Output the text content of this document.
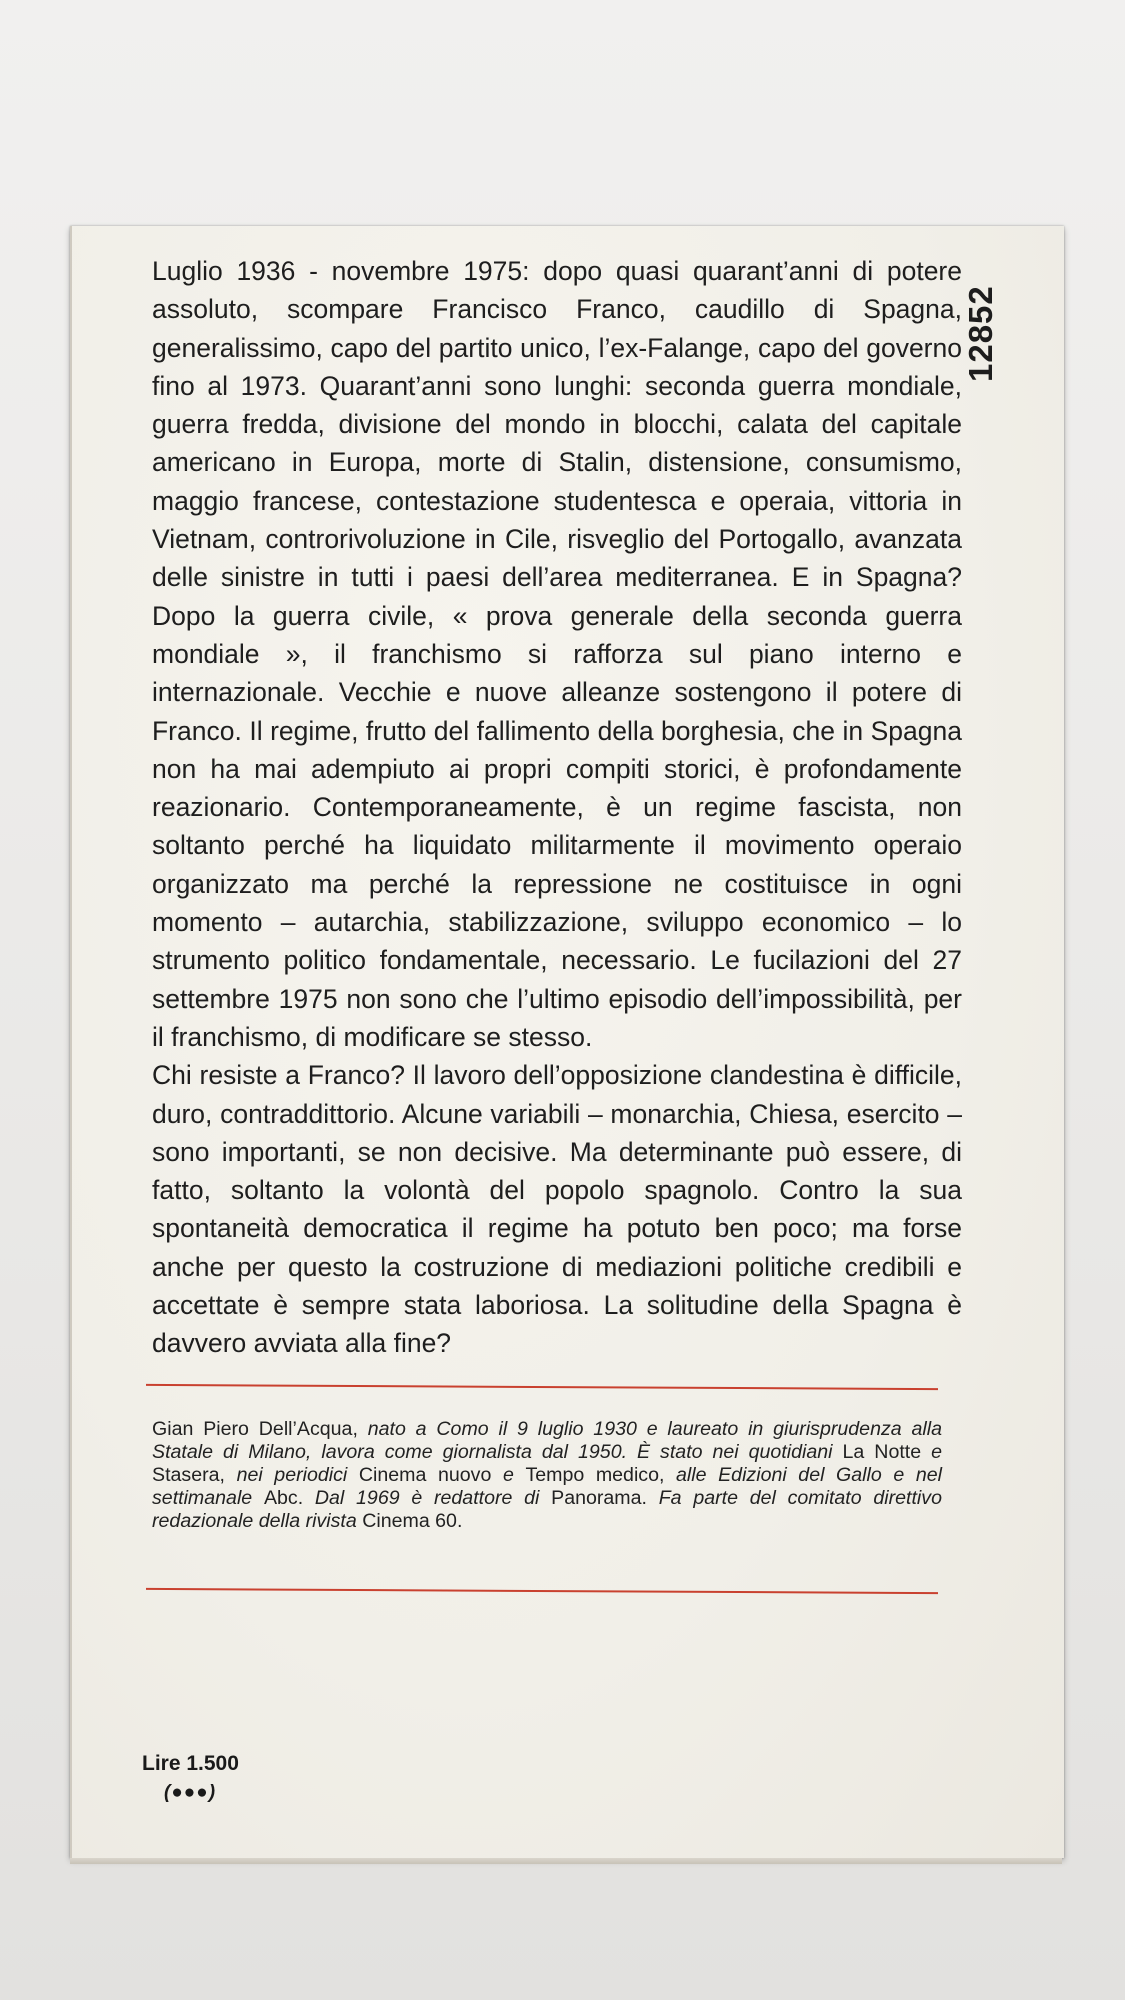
12852

Luglio 1936 - novembre 1975: dopo quasi quarant’anni di potere assoluto, scompare Francisco Franco, caudillo di Spagna, generalissimo, capo del partito unico, l’ex-Falange, capo del governo fino al 1973. Quarant’anni sono lunghi: seconda guerra mondiale, guerra fredda, divisione del mondo in blocchi, calata del capitale americano in Europa, morte di Stalin, distensione, consumismo, maggio francese, contestazione studentesca e operaia, vittoria in Vietnam, controrivoluzione in Cile, risveglio del Portogallo, avanzata delle sinistre in tutti i paesi dell’area mediterranea. E in Spagna? Dopo la guerra civile, « prova generale della seconda guerra mondiale », il franchismo si rafforza sul piano interno e internazionale. Vecchie e nuove alleanze sostengono il potere di Franco. Il regime, frutto del fallimento della borghesia, che in Spagna non ha mai adempiuto ai propri compiti storici, è profondamente reazionario. Contemporaneamente, è un regime fascista, non soltanto perché ha liquidato militarmente il movimento operaio organizzato ma perché la repressione ne costituisce in ogni momento – autarchia, stabilizzazione, sviluppo economico – lo strumento politico fondamentale, necessario. Le fucilazioni del 27 settembre 1975 non sono che l’ultimo episodio dell’impossibilità, per il franchismo, di modificare se stesso.

Chi resiste a Franco? Il lavoro dell’opposizione clandestina è difficile, duro, contraddittorio. Alcune variabili – monarchia, Chiesa, esercito – sono importanti, se non decisive. Ma determinante può essere, di fatto, soltanto la volontà del popolo spagnolo. Contro la sua spontaneità democratica il regime ha potuto ben poco; ma forse anche per questo la costruzione di mediazioni politiche credibili e accettate è sempre stata laboriosa. La solitudine della Spagna è davvero avviata alla fine?

Gian Piero Dell’Acqua, nato a Como il 9 luglio 1930 e laureato in giurisprudenza alla Statale di Milano, lavora come giornalista dal 1950. È stato nei quotidiani La Notte e Stasera, nei periodici Cinema nuovo e Tempo medico, alle Edizioni del Gallo e nel settimanale Abc. Dal 1969 è redattore di Panorama. Fa parte del comitato direttivo redazionale della rivista Cinema 60.

Lire 1.500
(●●●)
